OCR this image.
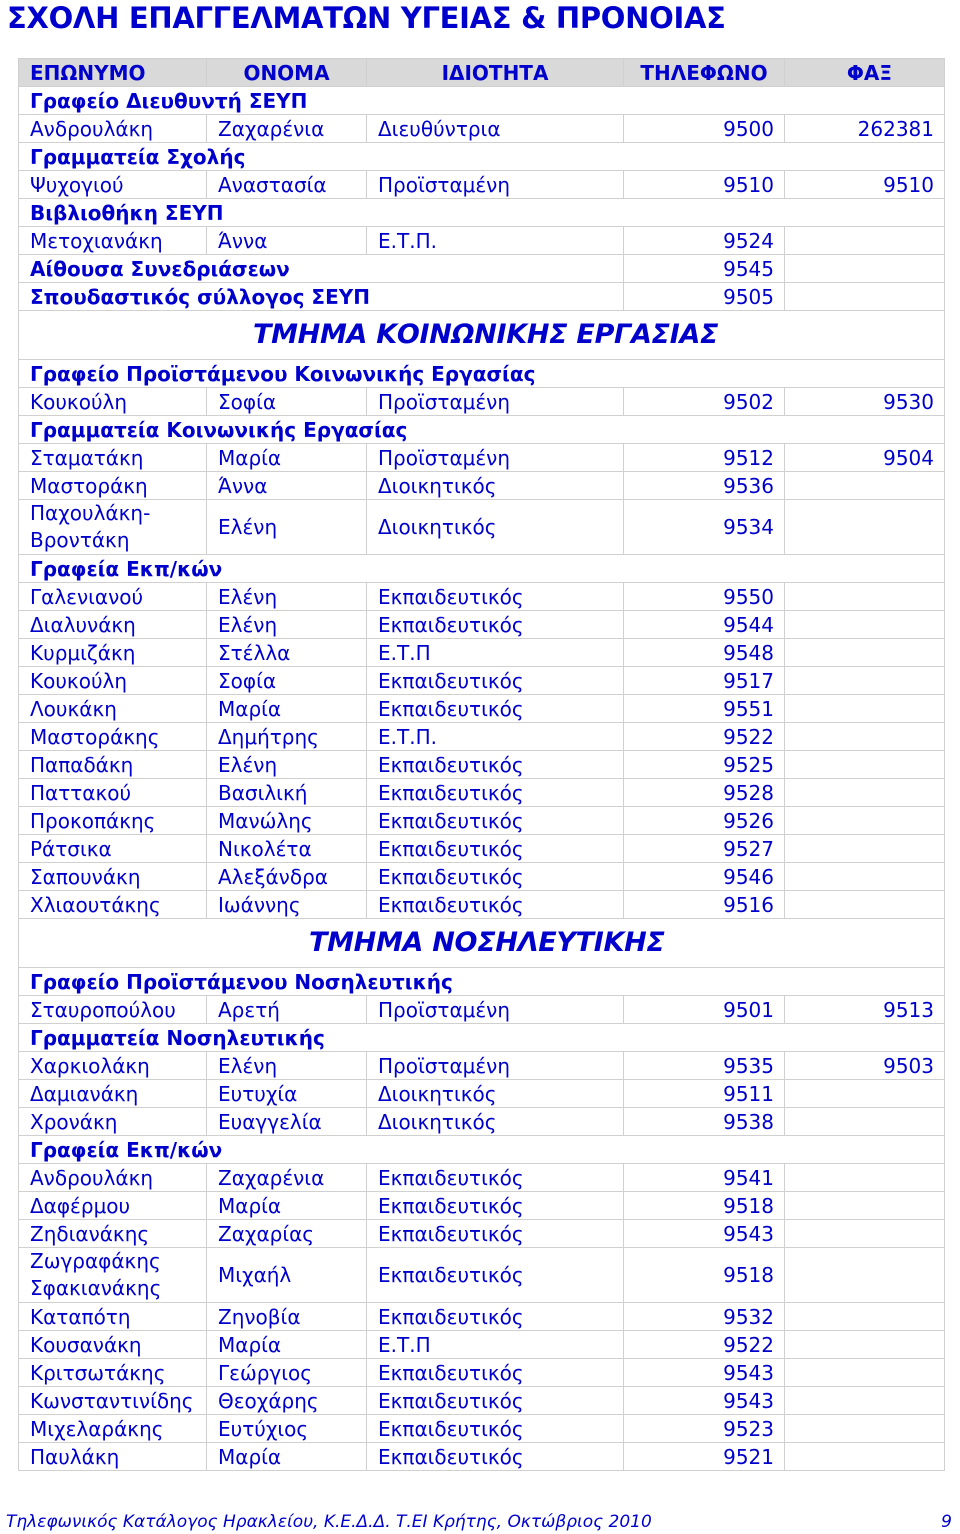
ΣΧΟΛΗ ΕΠΑΓΓΕΛΜΑΤΩΝ ΥΓΕΙΑΣ & ΠΡΟΝΟΙΑΣ
ΕΠΩΝΥΜΟ	ΟΝΟΜΑ	ΙΔΙΟΤΗΤΑ	ΤΗΛΕΦΩΝΟ	ΦΑΞ
Γραφείο Διευθυντή ΣΕΥΠ				
Ανδρουλάκη	Ζαχαρένια	Διευθύντρια	9500	262381
Γραμματεία Σχολής				
Ψυχογιού	Αναστασία	Προϊσταμένη	9510	9510
Βιβλιοθήκη ΣΕΥΠ				
Μετοχιανάκη	Άννα	Ε.Τ.Π.	9524	
Αίθουσα Συνεδριάσεων			9545	
Σπουδαστικός σύλλογος ΣΕΥΠ			9505	
ΤΜΗΜΑ ΚΟΙΝΩΝΙΚΗΣ ΕΡΓΑΣΙΑΣ				
Γραφείο Προϊστάμενου Κοινωνικής Εργασίας				
Κουκούλη	Σοφία	Προϊσταμένη	9502	9530
Γραμματεία Κοινωνικής Εργασίας				
Σταματάκη	Μαρία	Προϊσταμένη	9512	9504
Μαστοράκη	Άννα	Διοικητικός	9536	
Παχουλάκη-Βροντάκη	Ελένη	Διοικητικός	9534	
Γραφεία Εκπ/κών				
Γαλενιανού	Ελένη	Εκπαιδευτικός	9550	
Διαλυνάκη	Ελένη	Εκπαιδευτικός	9544	
Κυρμιζάκη	Στέλλα	Ε.Τ.Π	9548	
Κουκούλη	Σοφία	Εκπαιδευτικός	9517	
Λουκάκη	Μαρία	Εκπαιδευτικός	9551	
Μαστοράκης	Δημήτρης	Ε.Τ.Π.	9522	
Παπαδάκη	Ελένη	Εκπαιδευτικός	9525	
Παττακού	Βασιλική	Εκπαιδευτικός	9528	
Προκοπάκης	Μανώλης	Εκπαιδευτικός	9526	
Ράτσικα	Νικολέτα	Εκπαιδευτικός	9527	
Σαπουνάκη	Αλεξάνδρα	Εκπαιδευτικός	9546	
Χλιαουτάκης	Ιωάννης	Εκπαιδευτικός	9516	
ΤΜΗΜΑ ΝΟΣΗΛΕΥΤΙΚΗΣ				
Γραφείο Προϊστάμενου Νοσηλευτικής				
Σταυροπούλου	Αρετή	Προϊσταμένη	9501	9513
Γραμματεία Νοσηλευτικής				
Χαρκιολάκη	Ελένη	Προϊσταμένη	9535	9503
Δαμιανάκη	Ευτυχία	Διοικητικός	9511	
Χρονάκη	Ευαγγελία	Διοικητικός	9538	
Γραφεία Εκπ/κών				
Ανδρουλάκη	Ζαχαρένια	Εκπαιδευτικός	9541	
Δαφέρμου	Μαρία	Εκπαιδευτικός	9518	
Ζηδιανάκης	Ζαχαρίας	Εκπαιδευτικός	9543	
Ζωγραφάκης Σφακιανάκης	Μιχαήλ	Εκπαιδευτικός	9518	
Καταπότη	Ζηνοβία	Εκπαιδευτικός	9532	
Κουσανάκη	Μαρία	Ε.Τ.Π	9522	
Κριτσωτάκης	Γεώργιος	Εκπαιδευτικός	9543	
Κωνσταντινίδης	Θεοχάρης	Εκπαιδευτικός	9543	
Μιχελαράκης	Ευτύχιος	Εκπαιδευτικός	9523	
Παυλάκη	Μαρία	Εκπαιδευτικός	9521	
Τηλεφωνικός Κατάλογος Ηρακλείου, Κ.Ε.Δ.Δ. Τ.ΕΙ Κρήτης, Οκτώβριος 2010	9
